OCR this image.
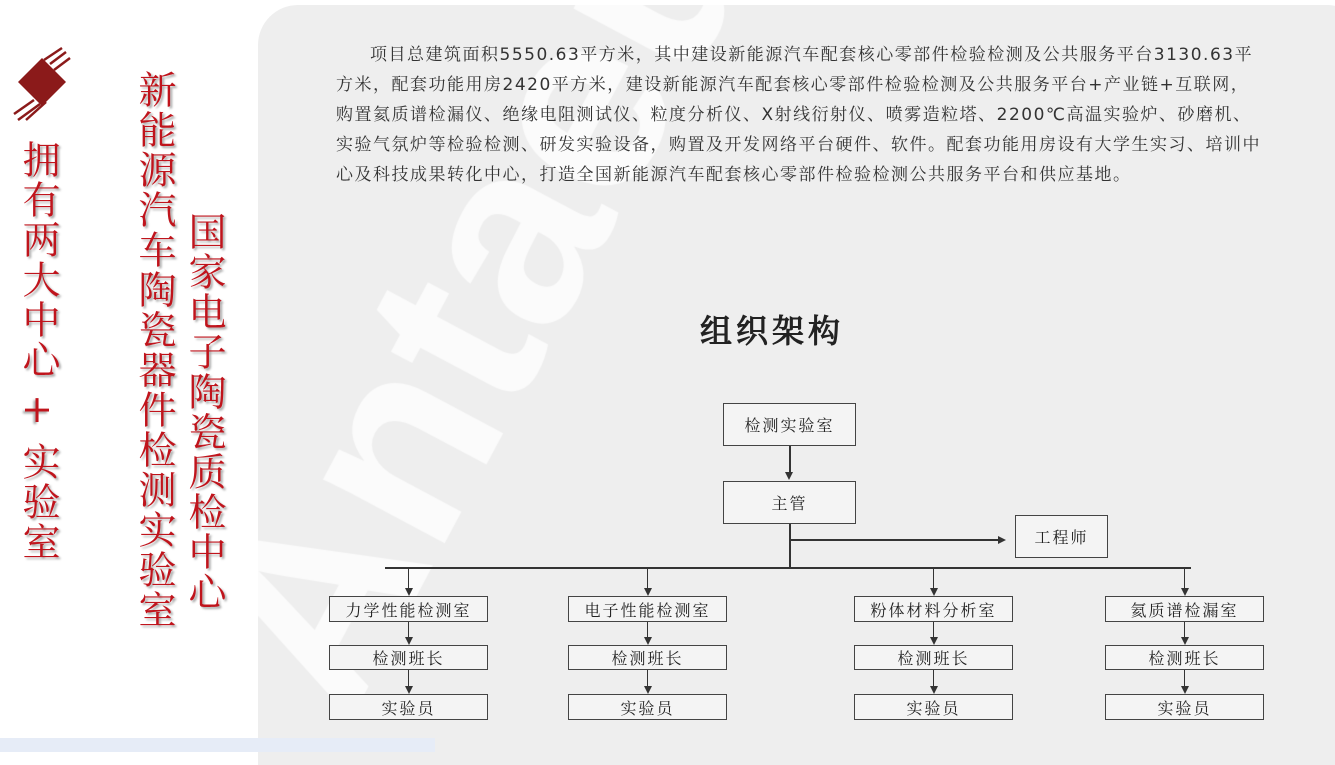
拥有两大中心 + 实验室 新能源汽车陶瓷器件检测实验室 国家电子陶瓷质检中心
项目总建筑面积5550.63平方米，其中建设新能源汽车配套核心零部件检验检测及公共服务平台3130.63平方米，配套功能用房2420平方米，建设新能源汽车配套核心零部件检验检测及公共服务平台+产业链+互联网，购置氦质谱检漏仪、绝缘电阻测试仪、粒度分析仪、X射线衍射仪、喷雾造粒塔、2200℃高温实验炉、砂磨机、实验气氛炉等检验检测、研发实验设备，购置及开发网络平台硬件、软件。配套功能用房设有大学生实习、培训中心及科技成果转化中心，打造全国新能源汽车配套核心零部件检验检测公共服务平台和供应基地。
组织架构
检测实验室
主管
工程师
力学性能检测室
检测班长
实验员
电子性能检测室
检测班长
实验员
粉体材料分析室
检测班长
实验员
氦质谱检漏室
检测班长
实验员
